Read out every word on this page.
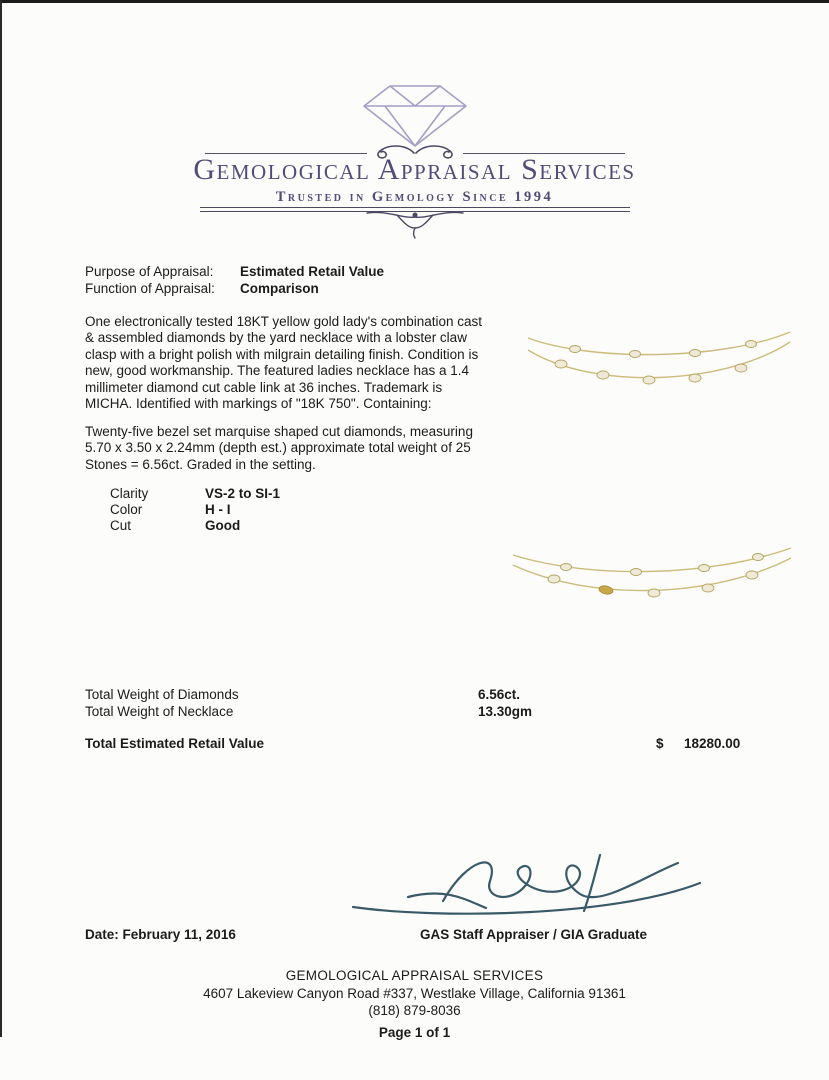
Gemological Appraisal Services
Trusted in Gemology Since 1994
Purpose of Appraisal:	Estimated Retail Value
Function of Appraisal:	Comparison
One electronically tested 18KT yellow gold lady's combination cast & assembled diamonds by the yard necklace with a lobster claw clasp with a bright polish with milgrain detailing finish. Condition is new, good workmanship. The featured ladies necklace has a 1.4 millimeter diamond cut cable link at 36 inches. Trademark is MICHA. Identified with markings of "18K 750". Containing:
Twenty-five bezel set marquise shaped cut diamonds, measuring 5.70 x 3.50 x 2.24mm (depth est.) approximate total weight of 25 Stones = 6.56ct. Graded in the setting.
Clarity	VS-2 to SI-1
Color	H - I
Cut	Good
Total Weight of Diamonds	6.56ct.
Total Weight of Necklace	13.30gm
Total Estimated Retail Value	$ 18280.00
Date: February 11, 2016	GAS Staff Appraiser / GIA Graduate
GEMOLOGICAL APPRAISAL SERVICES
4607 Lakeview Canyon Road #337, Westlake Village, California 91361
(818) 879-8036
Page 1 of 1
